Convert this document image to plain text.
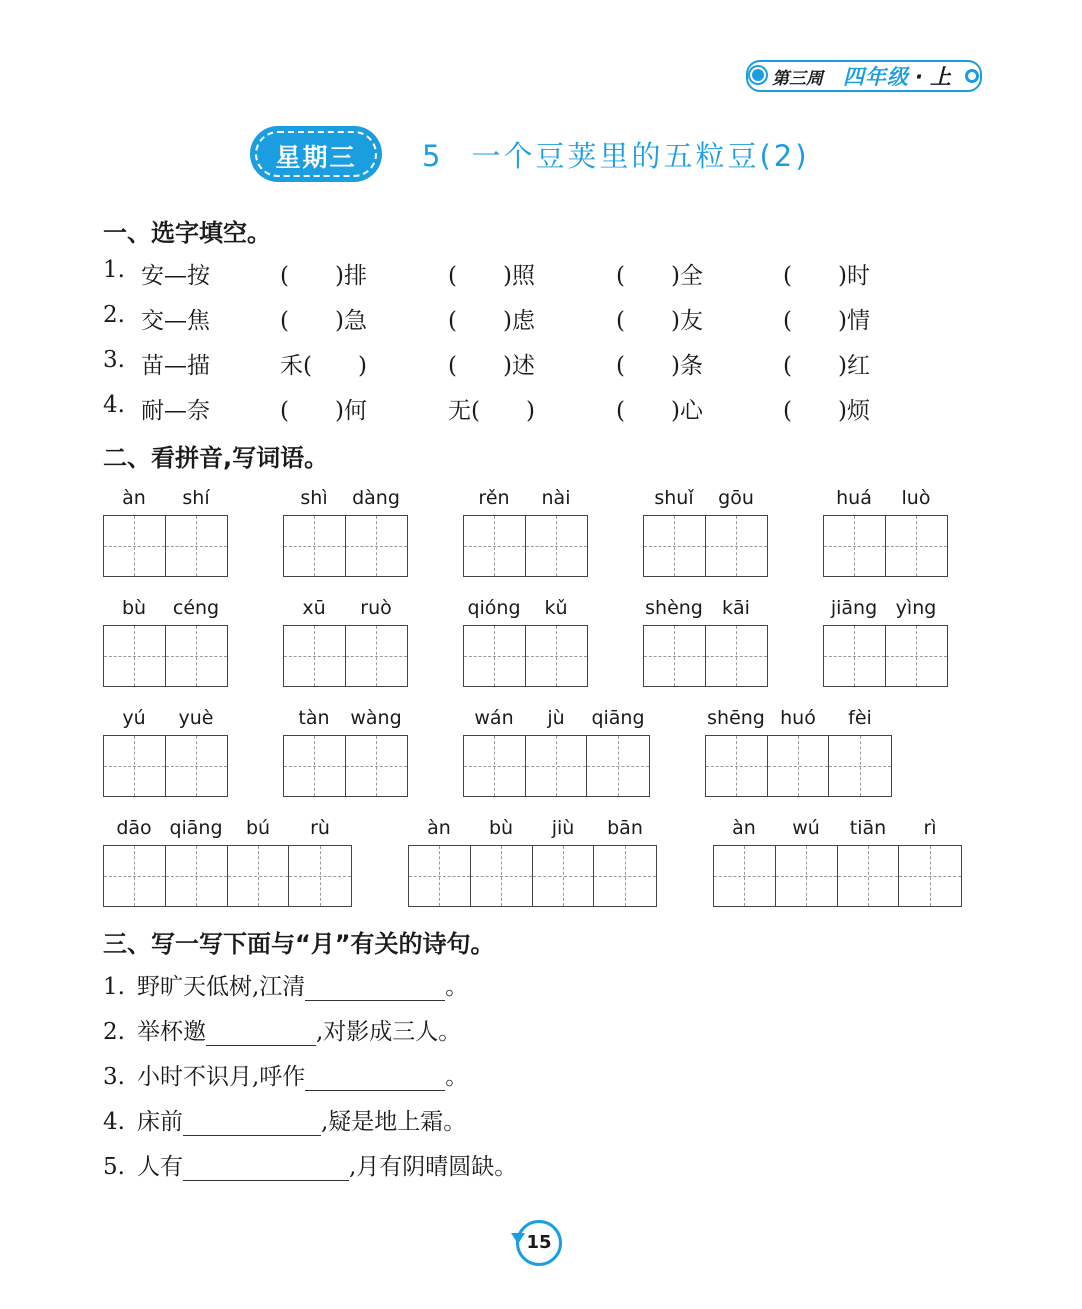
第三周 四年级 · 上
星期三	5 一个豆荚里的五粒豆(2)
一、选字填空。
1. 安—按	(　　)排	(　　)照	(　　)全	(　　)时
2. 交—焦	(　　)急	(　　)虑	(　　)友	(　　)情
3. 苗—描	禾(　　)	(　　)述	(　　)条	(　　)红
4. 耐—奈	(　　)何	无(　　)	(　　)心	(　　)烦
二、看拼音,写词语。
àn shí	shì dàng	rěn nài	shuǐ gōu	huá luò
bù céng	xū ruò	qióng kǔ	shèng kāi	jiāng yìng
yú yuè	tàn wàng	wán jù qiāng	shēng huó fèi
dāo qiāng bú rù	àn bù jiù bān	àn wú tiān rì
三、写一写下面与“月”有关的诗句。
1. 野旷天低树,江清	。
2. 举杯邀	,对影成三人。
3. 小时不识月,呼作	。
4. 床前	,疑是地上霜。
5. 人有	,月有阴晴圆缺。
15
